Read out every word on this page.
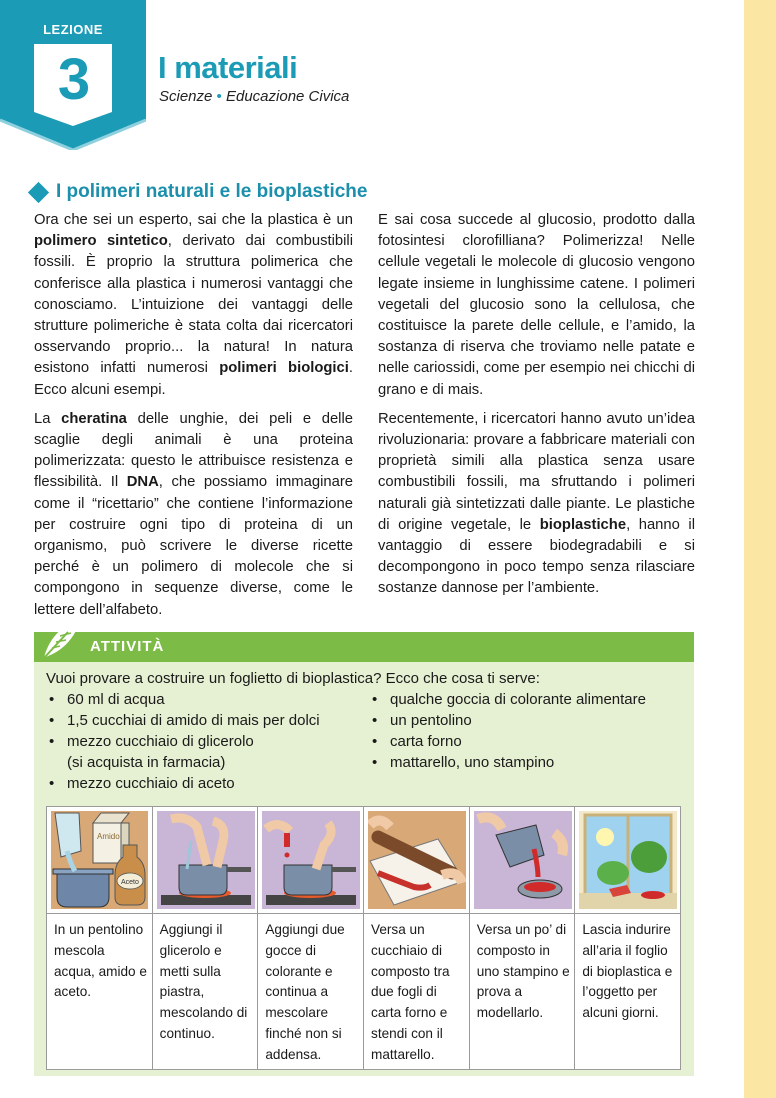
LEZIONE
3	I materiali
Scienze • Educazione Civica
I polimeri naturali e le bioplastiche

Ora che sei un esperto, sai che la plastica è un polimero sintetico, derivato dai combustibili fossili. È proprio la struttura polimerica che conferisce alla plastica i numerosi vantaggi che conosciamo. L’intuizione dei vantaggi delle strutture polimeriche è stata colta dai ricercatori osservando proprio... la natura! In natura esistono infatti numerosi polimeri biologici. Ecco alcuni esempi.

La cheratina delle unghie, dei peli e delle scaglie degli animali è una proteina polimerizzata: questo le attribuisce resistenza e flessibilità. Il DNA, che possiamo immaginare come il “ricettario” che contiene l’informazione per costruire ogni tipo di proteina di un organismo, può scrivere le diverse ricette perché è un polimero di molecole che si compongono in sequenze diverse, come le lettere dell’alfabeto.

E sai cosa succede al glucosio, prodotto dalla fotosintesi clorofilliana? Polimerizza! Nelle cellule vegetali le molecole di glucosio vengono legate insieme in lunghissime catene. I polimeri vegetali del glucosio sono la cellulosa, che costituisce la parete delle cellule, e l’amido, la sostanza di riserva che troviamo nelle patate e nelle cariossidi, come per esempio nei chicchi di grano e di mais.

Recentemente, i ricercatori hanno avuto un’idea rivoluzionaria: provare a fabbricare materiali con proprietà simili alla plastica senza usare combustibili fossili, ma sfruttando i polimeri naturali già sintetizzati dalle piante. Le plastiche di origine vegetale, le bioplastiche, hanno il vantaggio di essere biodegradabili e si decompongono in poco tempo senza rilasciare sostanze dannose per l’ambiente.

ATTIVITÀ
Vuoi provare a costruire un foglietto di bioplastica? Ecco che cosa ti serve:
• 60 ml di acqua
• 1,5 cucchiai di amido di mais per dolci
• mezzo cucchiaio di glicerolo
(si acquista in farmacia)
• mezzo cucchiaio di aceto
• qualche goccia di colorante alimentare
• un pentolino
• carta forno
• mattarello, uno stampino
Amido
Aceto
In un pentolino mescola acqua, amido e aceto.
Aggiungi il glicerolo e metti sulla piastra, mescolando di continuo.
Aggiungi due gocce di colorante e continua a mescolare finché non si addensa.
Versa un cucchiaio di composto tra due fogli di carta forno e stendi con il mattarello.
Versa un po’ di composto in uno stampino e prova a modellarlo.
Lascia indurire all’aria il foglio di bioplastica e l’oggetto per alcuni giorni.
